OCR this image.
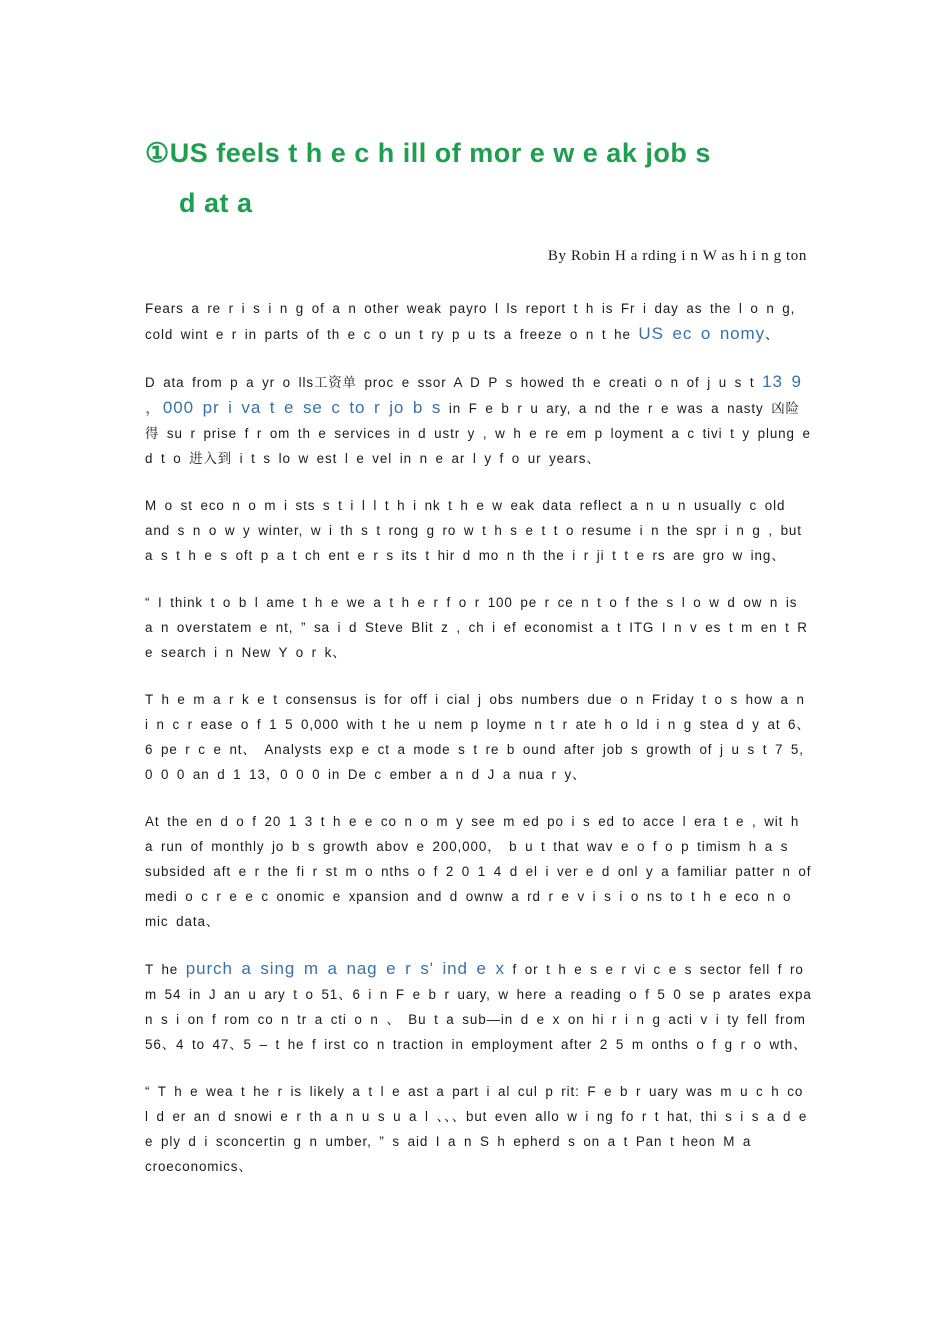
①US feels t h e c h ill of mor e w e ak job s
d at a
By Robin H a rding i n W as h i n g ton

Fears a re r i s i n g of a n other weak payro l ls report t h is Fr i day as the l o n g, cold wint e r in parts of th e c o un t ry p u ts a freeze o n t he US ec o nomy、

D ata from p a yr o lls工资单 proc e ssor A D P s howed th e creati o n of j u s t 13 9 ，000 pr i va t e se c to r jo b s in F e b r u ary, a nd the r e was a nasty 凶险得 su r prise f r om th e services in d ustr y , w h e re em p loyment a c tivi t y plung e d t o 进入到 i t s lo w est l e vel in n e ar l y f o ur years、

M o st eco n o m i sts s t i l l t h i nk t h e w eak data reflect a n u n usually c old and s n o w y winter, w i th s t rong g ro w t h s e t t o resume i n the spr i n g , but a s t h e s oft p a t ch ent e r s its t hir d mo n th the i r ji t t e rs are gro w ing、

“ I think t o b l ame t h e we a t h e r f o r 100 pe r ce n t o f the s l o w d ow n is a n overstatem e nt, ” sa i d Steve Blit z , ch i ef economist a t ITG I n v es t m en t R e search i n New Y o r k、

T h e m a r k e t consensus is for off i cial j obs numbers due o n Friday t o s how a n i n c r ease o f 1 5 0,000 with t he u nem p loyme n t r ate h o ld i n g stea d y at 6、6 pe r c e nt、 Analysts exp e ct a mode s t re b ound after job s growth of j u s t 7 5, 0 0 0 an d 1 13，0 0 0 in De c ember a n d J a nua r y、

At the en d o f 20 1 3 t h e e co n o m y see m ed po i s ed to acce l era t e , wit h a run of monthly jo b s growth abov e 200,000， b u t that wav e o f o p timism h a s subsided aft e r the fi r st m o nths o f 2 0 1 4 d el i ver e d onl y a familiar patter n of medi o c r e e c onomic e xpansion and d ownw a rd r e v i s i o ns to t h e eco n o mic data、

T he purch a sing m a nag e r s' ind e x f or t h e s e r vi c e s sector fell f ro m 54 in J an u ary t o 51、6 i n F e b r uary, w here a reading o f 5 0 se p arates expa n s i on f rom co n tr a cti o n 、 Bu t a sub—in d e x on hi r i n g acti v i ty fell from 56、4 to 47、5 – t he f irst co n traction in employment after 2 5 m onths o f g r o wth、

“ T h e wea t he r is likely a t l e ast a part i al cul p rit: F e b r uary was m u c h co l d er an d snowi e r th a n u s u a l 、、、but even allo w i ng fo r t hat, thi s i s a d e e ply d i sconcertin g n umber, ” s aid I a n S h epherd s on a t Pan t heon M a croeconomics、
